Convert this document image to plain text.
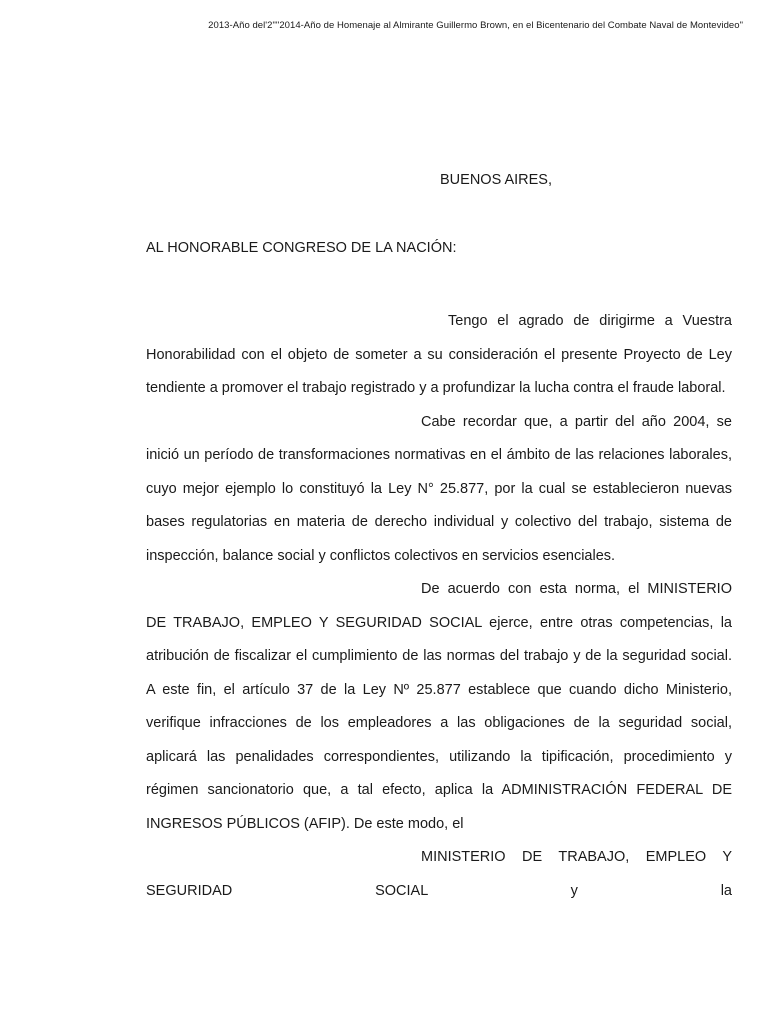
2013-Año del'2""2014-Año de Homenaje al Almirante Guillermo Brown, en el Bicentenario del Combate Naval de Montevideo"
BUENOS AIRES,
AL HONORABLE CONGRESO DE LA NACIÓN:

Tengo el agrado de dirigirme a Vuestra Honorabilidad con el objeto de someter a su consideración el presente Proyecto de Ley tendiente a promover el trabajo registrado y a profundizar la lucha contra el fraude laboral.

Cabe recordar que, a partir del año 2004, se inició un período de transformaciones normativas en el ámbito de las relaciones laborales, cuyo mejor ejemplo lo constituyó la Ley N° 25.877, por la cual se establecieron nuevas bases regulatorias en materia de derecho individual y colectivo del trabajo, sistema de inspección, balance social y conflictos colectivos en servicios esenciales.

De acuerdo con esta norma, el MINISTERIO DE TRABAJO, EMPLEO Y SEGURIDAD SOCIAL ejerce, entre otras competencias, la atribución de fiscalizar el cumplimiento de las normas del trabajo y de la seguridad social. A este fin, el artículo 37 de la Ley Nº 25.877 establece que cuando dicho Ministerio, verifique infracciones de los empleadores a las obligaciones de la seguridad social, aplicará las penalidades correspondientes, utilizando la tipificación, procedimiento y régimen sancionatorio que, a tal efecto, aplica la ADMINISTRACIÓN FEDERAL DE INGRESOS PÚBLICOS (AFIP). De este modo, el
MINISTERIO DE TRABAJO, EMPLEO Y SEGURIDAD SOCIAL y la
